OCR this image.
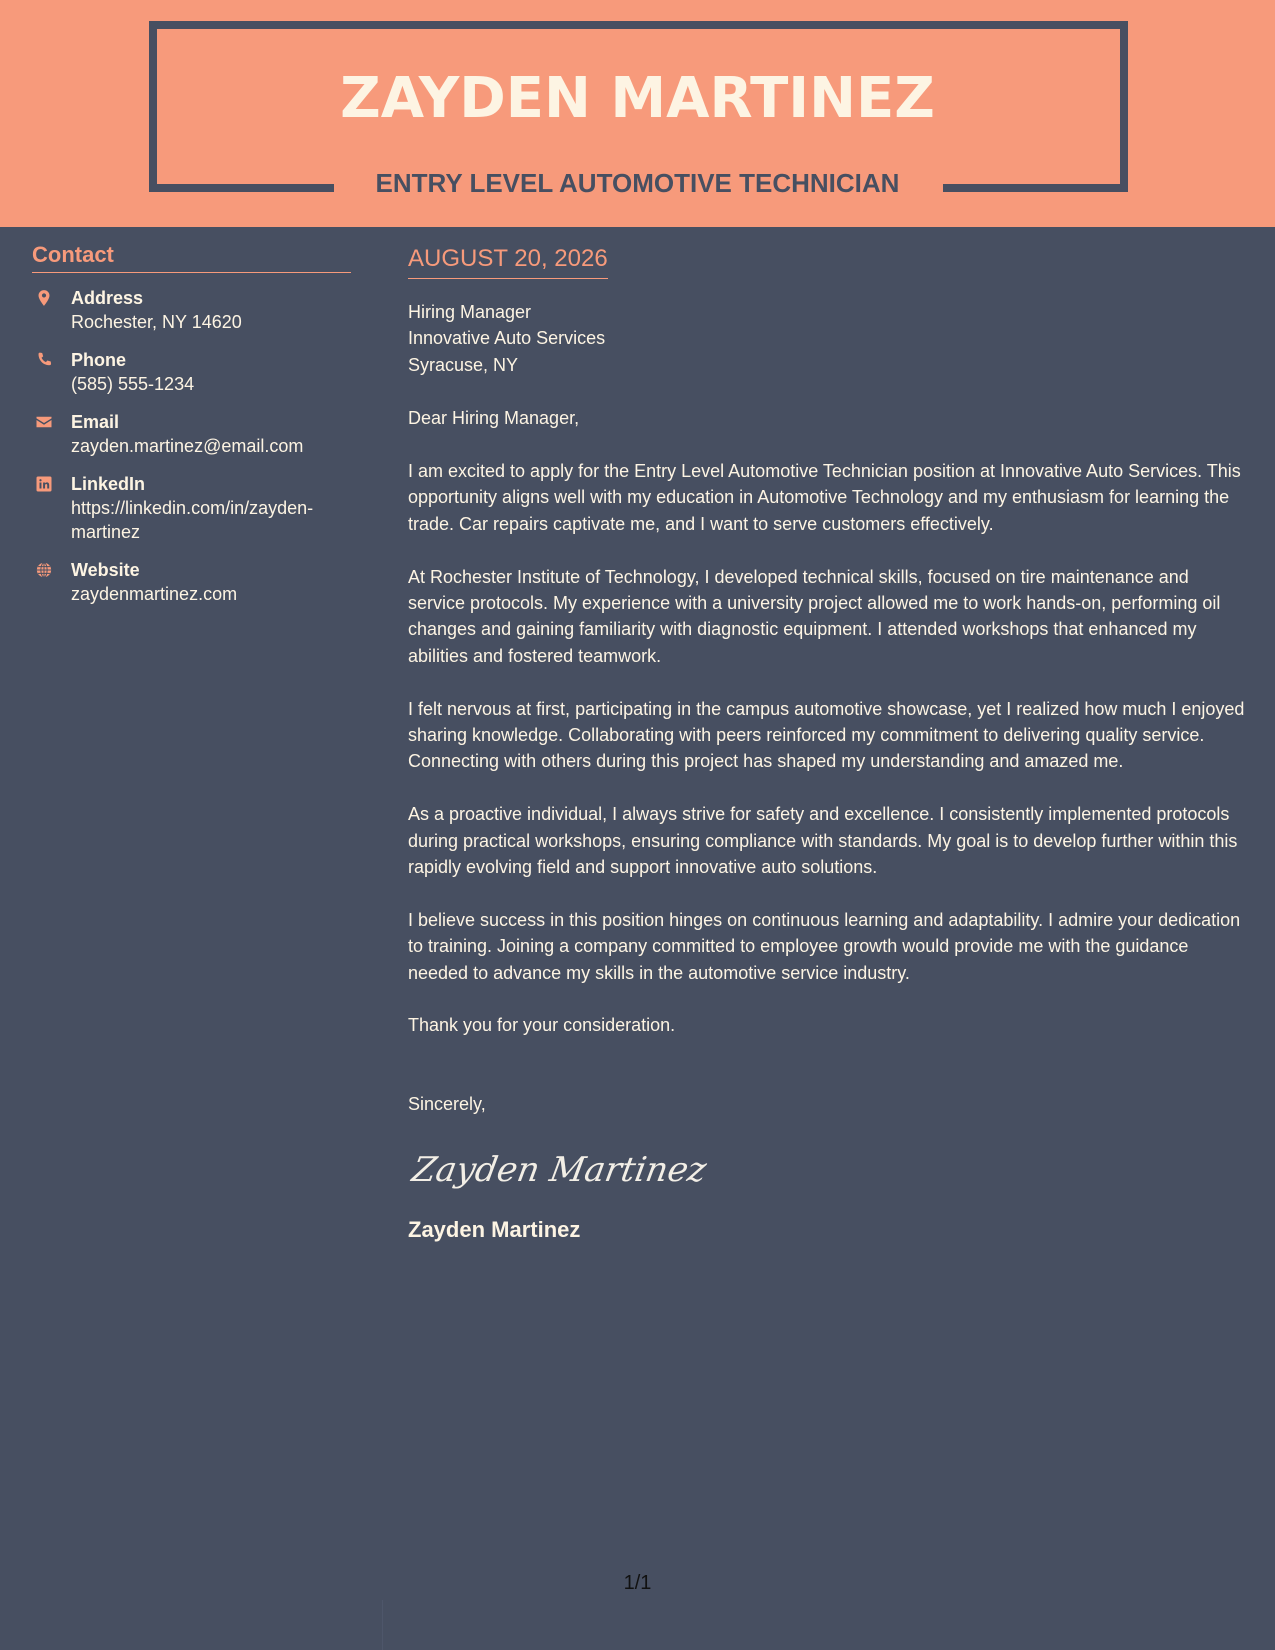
ZAYDEN MARTINEZ
ENTRY LEVEL AUTOMOTIVE TECHNICIAN
Contact
Address
Rochester, NY 14620
Phone
(585) 555-1234
Email
zayden.martinez@email.com
LinkedIn
https://linkedin.com/in/zayden-martinez
Website
zaydenmartinez.com
AUGUST 20, 2026
Hiring Manager
Innovative Auto Services
Syracuse, NY

Dear Hiring Manager,

I am excited to apply for the Entry Level Automotive Technician position at Innovative Auto Services. This opportunity aligns well with my education in Automotive Technology and my enthusiasm for learning the trade. Car repairs captivate me, and I want to serve customers effectively.

At Rochester Institute of Technology, I developed technical skills, focused on tire maintenance and service protocols. My experience with a university project allowed me to work hands-on, performing oil changes and gaining familiarity with diagnostic equipment. I attended workshops that enhanced my abilities and fostered teamwork.

I felt nervous at first, participating in the campus automotive showcase, yet I realized how much I enjoyed sharing knowledge. Collaborating with peers reinforced my commitment to delivering quality service. Connecting with others during this project has shaped my understanding and amazed me.

As a proactive individual, I always strive for safety and excellence. I consistently implemented protocols during practical workshops, ensuring compliance with standards. My goal is to develop further within this rapidly evolving field and support innovative auto solutions.

I believe success in this position hinges on continuous learning and adaptability. I admire your dedication to training. Joining a company committed to employee growth would provide me with the guidance needed to advance my skills in the automotive service industry.

Thank you for your consideration.

Sincerely,
Zayden Martinez
Zayden Martinez
1/1
